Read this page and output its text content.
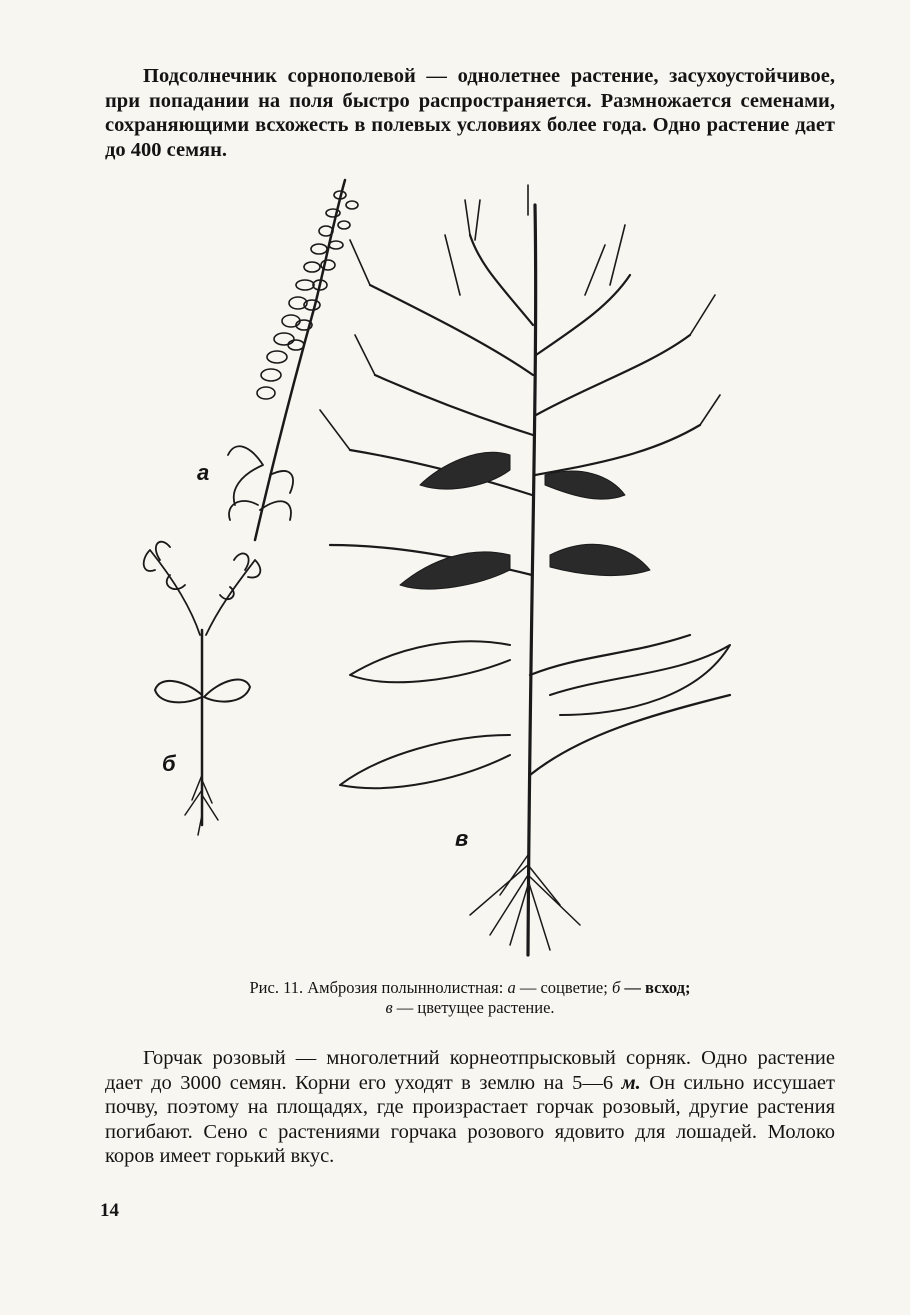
Подсолнечник сорнополевой — однолетнее растение, засухоустойчивое, при попадании на поля быстро распространяется. Размножается семенами, сохраняющими всхожесть в полевых условиях более года. Одно растение дает до 400 семян.

а
б
в

Рис. 11. Амброзия полыннолистная: а — соцветие; б — всход;
в — цветущее растение.

Горчак розовый — многолетний корнеотпрысковый сорняк. Одно растение дает до 3000 семян. Корни его уходят в землю на 5—6 м. Он сильно иссушает почву, поэтому на площадях, где произрастает горчак розовый, другие растения погибают. Сено с растениями горчака розового ядовито для лошадей. Молоко коров имеет горький вкус.

14
